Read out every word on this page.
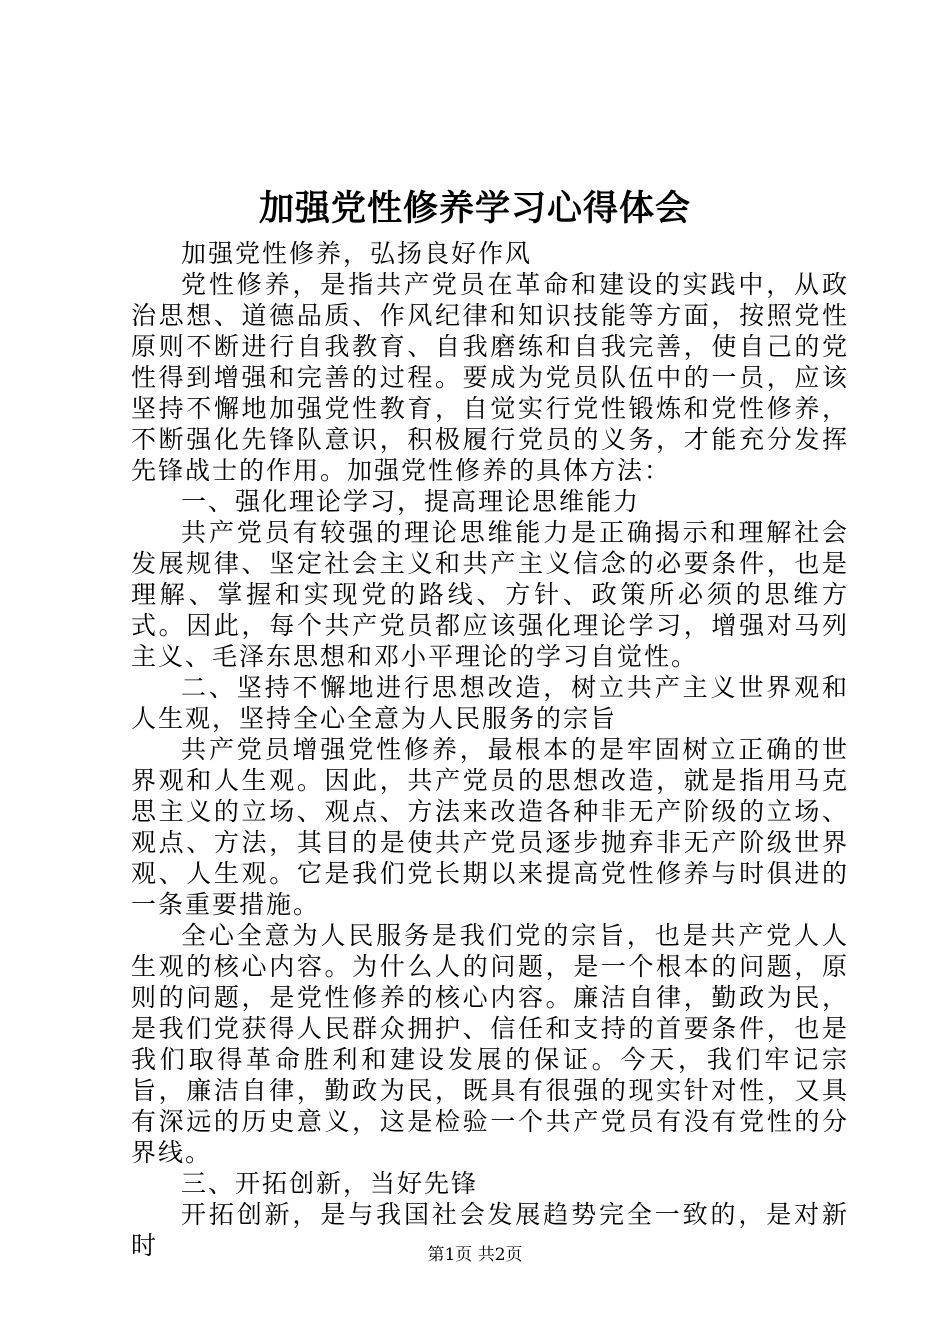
加强党性修养学习心得体会

加强党性修养，弘扬良好作风

党性修养，是指共产党员在革命和建设的实践中，从政治思想、道德品质、作风纪律和知识技能等方面，按照党性原则不断进行自我教育、自我磨练和自我完善，使自己的党性得到增强和完善的过程。要成为党员队伍中的一员，应该坚持不懈地加强党性教育，自觉实行党性锻炼和党性修养，不断强化先锋队意识，积极履行党员的义务，才能充分发挥先锋战士的作用。加强党性修养的具体方法：

一、强化理论学习，提高理论思维能力

共产党员有较强的理论思维能力是正确揭示和理解社会发展规律、坚定社会主义和共产主义信念的必要条件，也是理解、掌握和实现党的路线、方针、政策所必须的思维方式。因此，每个共产党员都应该强化理论学习，增强对马列主义、毛泽东思想和邓小平理论的学习自觉性。

二、坚持不懈地进行思想改造，树立共产主义世界观和人生观，坚持全心全意为人民服务的宗旨

共产党员增强党性修养，最根本的是牢固树立正确的世界观和人生观。因此，共产党员的思想改造，就是指用马克思主义的立场、观点、方法来改造各种非无产阶级的立场、观点、方法，其目的是使共产党员逐步抛弃非无产阶级世界观、人生观。它是我们党长期以来提高党性修养与时俱进的一条重要措施。

全心全意为人民服务是我们党的宗旨，也是共产党人人生观的核心内容。为什么人的问题，是一个根本的问题，原则的问题，是党性修养的核心内容。廉洁自律，勤政为民，是我们党获得人民群众拥护、信任和支持的首要条件，也是我们取得革命胜利和建设发展的保证。今天，我们牢记宗旨，廉洁自律，勤政为民，既具有很强的现实针对性，又具有深远的历史意义，这是检验一个共产党员有没有党性的分界线。

三、开拓创新，当好先锋

开拓创新，是与我国社会发展趋势完全一致的，是对新时	第1页 共2页
